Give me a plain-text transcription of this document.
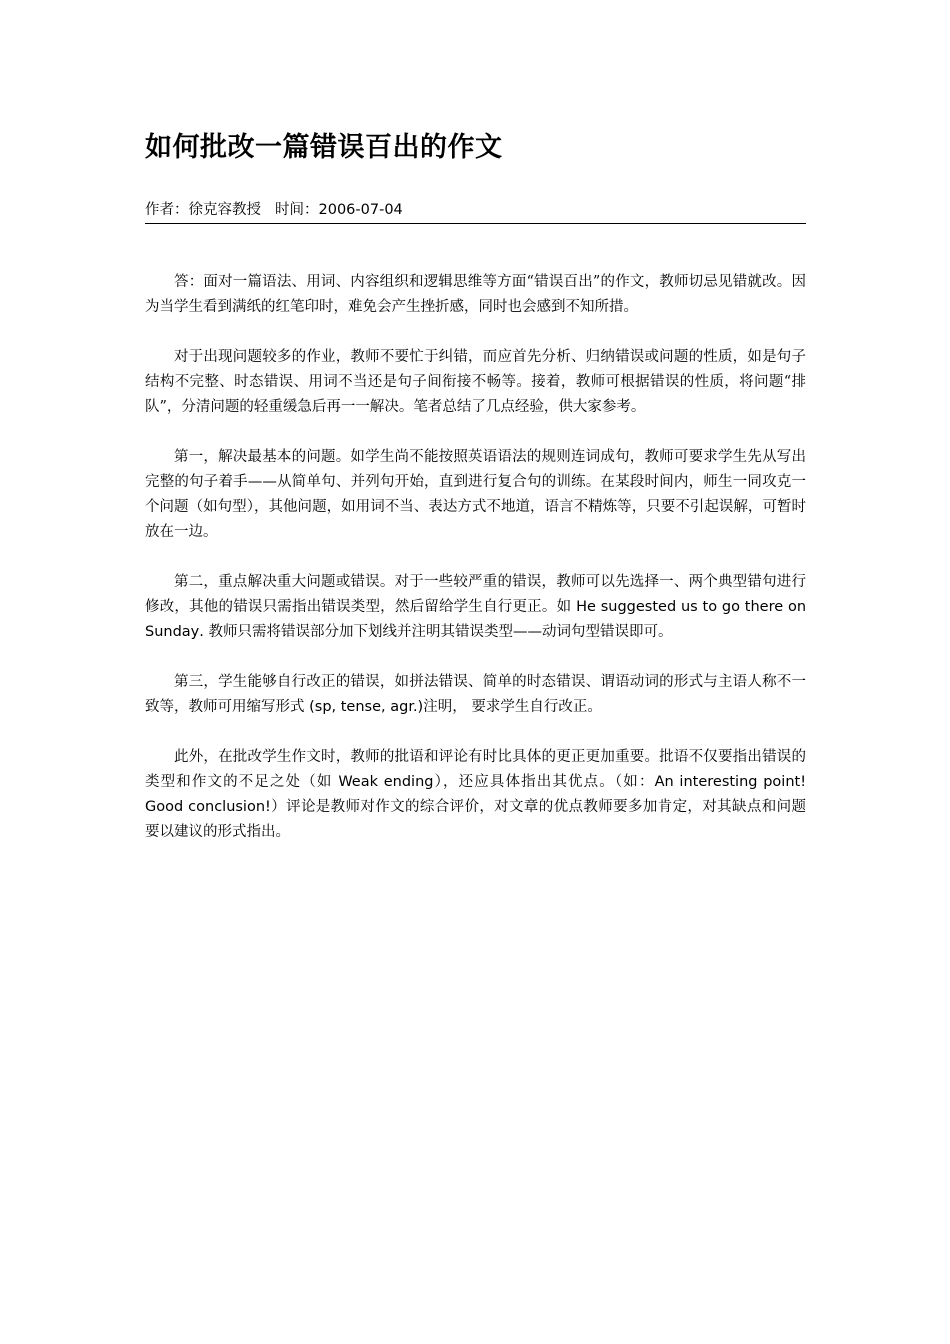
如何批改一篇错误百出的作文
作者：徐克容教授 时间：2006-07-04

答：面对一篇语法、用词、内容组织和逻辑思维等方面“错误百出”的作文，教师切忌见错就改。因为当学生看到满纸的红笔印时，难免会产生挫折感，同时也会感到不知所措。

对于出现问题较多的作业，教师不要忙于纠错，而应首先分析、归纳错误或问题的性质，如是句子结构不完整、时态错误、用词不当还是句子间衔接不畅等。接着，教师可根据错误的性质，将问题“排队”，分清问题的轻重缓急后再一一解决。笔者总结了几点经验，供大家参考。

第一，解决最基本的问题。如学生尚不能按照英语语法的规则连词成句，教师可要求学生先从写出完整的句子着手——从简单句、并列句开始，直到进行复合句的训练。在某段时间内，师生一同攻克一个问题（如句型），其他问题，如用词不当、表达方式不地道，语言不精炼等，只要不引起误解，可暂时放在一边。

第二，重点解决重大问题或错误。对于一些较严重的错误，教师可以先选择一、两个典型错句进行修改，其他的错误只需指出错误类型，然后留给学生自行更正。如 He suggested us to go there on Sunday. 教师只需将错误部分加下划线并注明其错误类型——动词句型错误即可。

第三，学生能够自行改正的错误，如拼法错误、简单的时态错误、谓语动词的形式与主语人称不一致等，教师可用缩写形式 (sp, tense, agr.)注明， 要求学生自行改正。

此外，在批改学生作文时，教师的批语和评论有时比具体的更正更加重要。批语不仅要指出错误的类型和作文的不足之处（如 Weak ending），还应具体指出其优点。（如：An interesting point! Good conclusion!）评论是教师对作文的综合评价，对文章的优点教师要多加肯定，对其缺点和问题要以建议的形式指出。
